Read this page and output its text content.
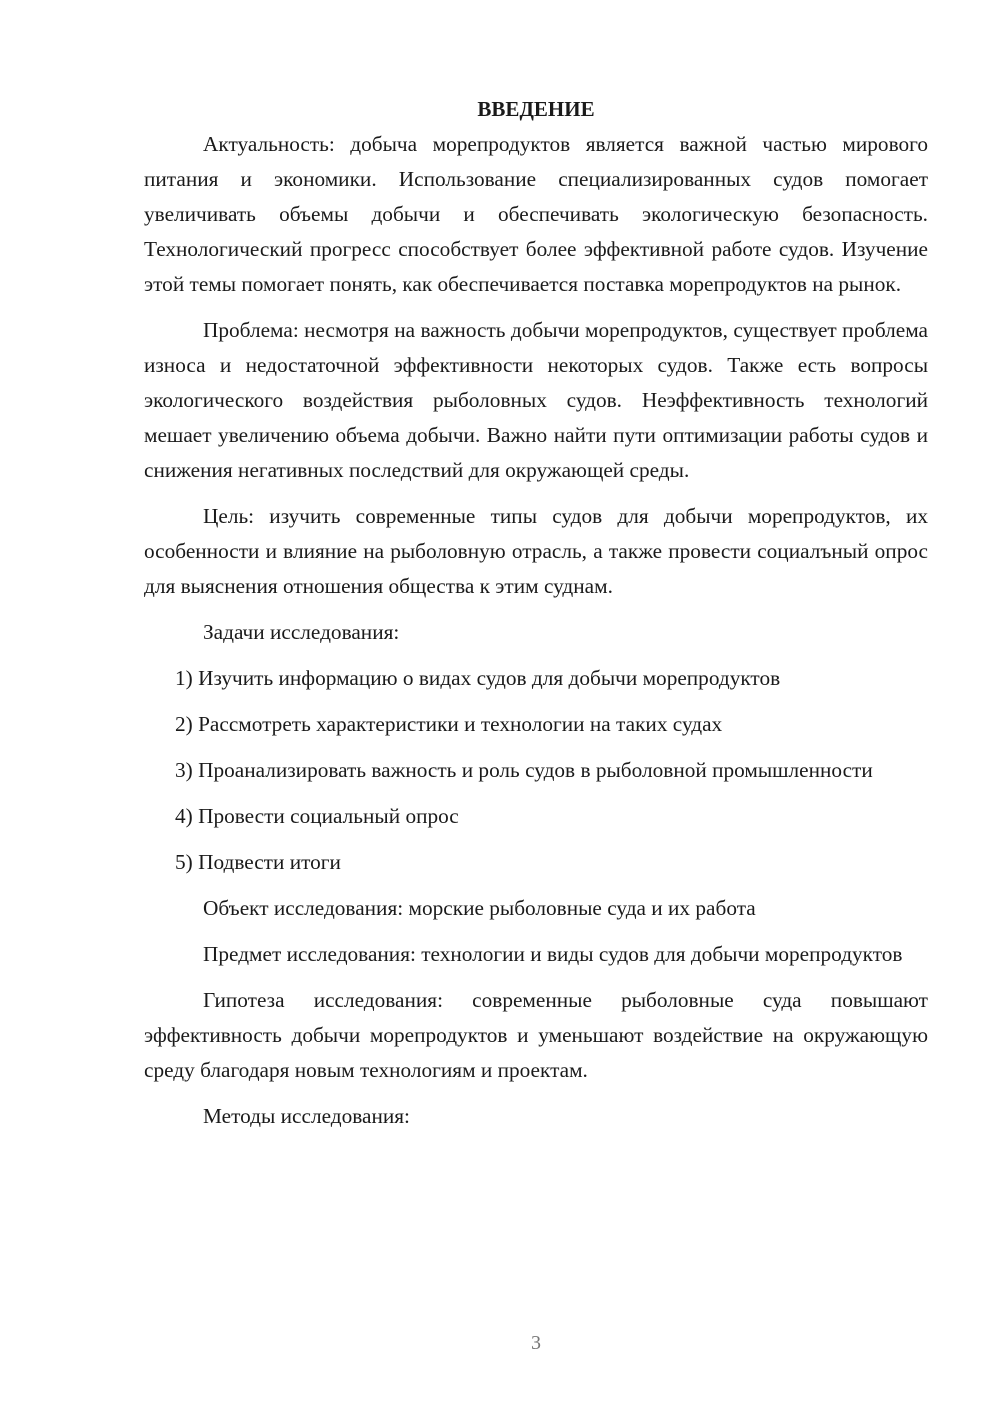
ВВЕДЕНИЕ

Актуальность: добыча морепродуктов является важной частью мирового питания и экономики. Использование специализированных судов помогает увеличивать объемы добычи и обеспечивать экологическую безопасность. Технологический прогресс способствует более эффективной работе судов. Изучение этой темы помогает понять, как обеспечивается поставка морепродуктов на рынок.

Проблема: несмотря на важность добычи морепродуктов, существует проблема износа и недостаточной эффективности некоторых судов. Также есть вопросы экологического воздействия рыболовных судов. Неэффективность технологий мешает увеличению объема добычи. Важно найти пути оптимизации работы судов и снижения негативных последствий для окружающей среды.

Цель: изучить современные типы судов для добычи морепродуктов, их особенности и влияние на рыболовную отрасль, а также провести социалъный опрос для выяснения отношения общества к этим суднам.

Задачи исследования:

1) Изучить информацию о видах судов для добычи морепродуктов

2) Рассмотреть характеристики и технологии на таких судах

3) Проанализировать важность и роль судов в рыболовной промышленности

4) Провести социальный опрос

5) Подвести итоги

Объект исследования: морские рыболовные суда и их работа

Предмет исследования: технологии и виды судов для добычи морепродуктов

Гипотеза исследования: современные рыболовные суда повышают эффективность добычи морепродуктов и уменьшают воздействие на окружающую среду благодаря новым технологиям и проектам.

Методы исследования:

3
